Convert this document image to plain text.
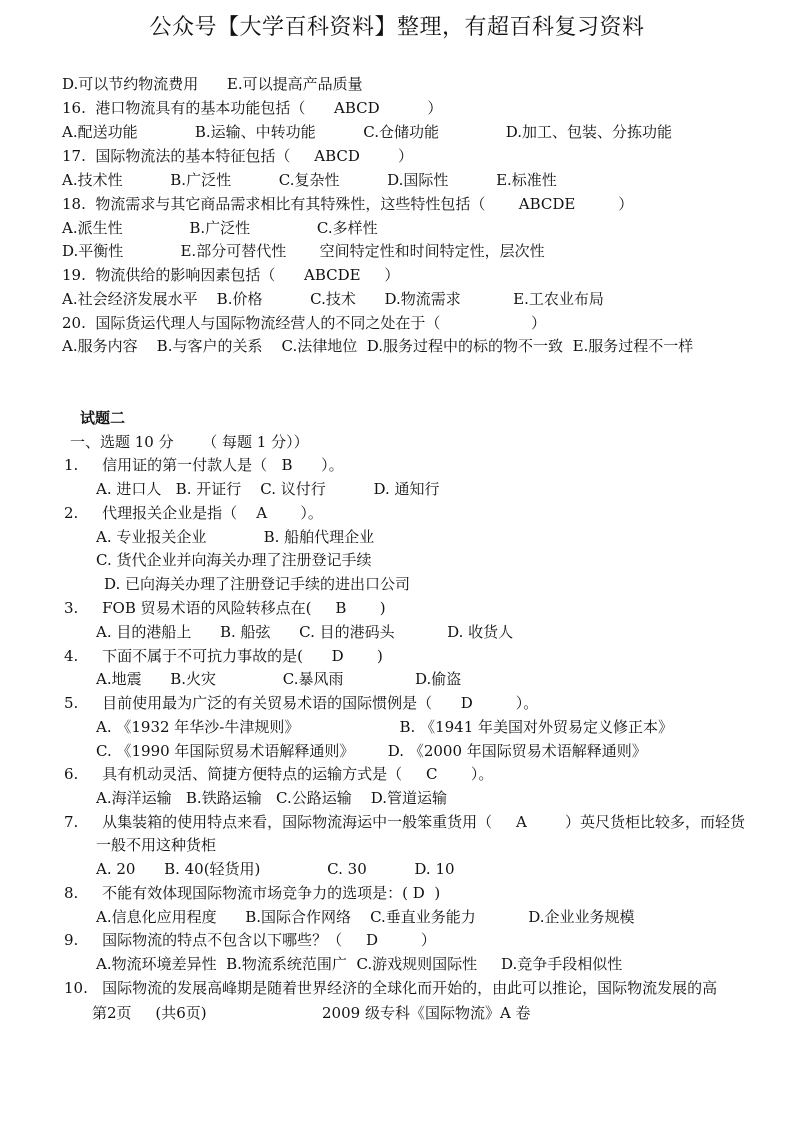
公众号【大学百科资料】整理，有超百科复习资料
D.可以节约物流费用      E.可以提高产品质量
16.  港口物流具有的基本功能包括（      ABCD          ）
A.配送功能            B.运输、中转功能          C.仓储功能              D.加工、包装、分拣功能
17.  国际物流法的基本特征包括（     ABCD        ）
A.技术性          B.广泛性          C.复杂性          D.国际性          E.标准性
18.  物流需求与其它商品需求相比有其特殊性，这些特性包括（       ABCDE         ）
A.派生性              B.广泛性              C.多样性
D.平衡性            E.部分可替代性       空间特定性和时间特定性，层次性
19.  物流供给的影响因素包括（      ABCDE     ）
A.社会经济发展水平    B.价格          C.技术      D.物流需求           E.工农业布局
20.  国际货运代理人与国际物流经营人的不同之处在于（                   ）
A.服务内容    B.与客户的关系    C.法律地位  D.服务过程中的标的物不一致  E.服务过程不一样
试题二
一、选题 10 分      （ 每题 1 分））
1.     信用证的第一付款人是（   B      ）。
A. 进口人   B. 开证行    C. 议付行          D. 通知行
2.     代理报关企业是指（    A       ）。
A. 专业报关企业            B. 船舶代理企业
C. 货代企业并向海关办理了注册登记手续
D. 已向海关办理了注册登记手续的进出口公司
3.     FOB 贸易术语的风险转移点在(     B       )
A. 目的港船上      B. 船弦      C. 目的港码头           D. 收货人
4.     下面不属于不可抗力事故的是(      D       )
A.地震      B.火灾              C.暴风雨               D.偷盗
5.     目前使用最为广泛的有关贸易术语的国际惯例是（      D         ）。
A. 《1932 年华沙-牛津规则》                     B. 《1941 年美国对外贸易定义修正本》
C. 《1990 年国际贸易术语解释通则》       D. 《2000 年国际贸易术语解释通则》
6.     具有机动灵活、简捷方便特点的运输方式是（     C       ）。
A.海洋运输   B.铁路运输   C.公路运输    D.管道运输
7.     从集装箱的使用特点来看，国际物流海运中一般笨重货用（     A        ）英尺货柜比较多，而轻货
一般不用这种货柜
A. 20      B. 40(轻货用)              C. 30          D. 10
8.     不能有效体现国际物流市场竞争力的选项是：( D  )
A.信息化应用程度      B.国际合作网络    C.垂直业务能力           D.企业业务规模
9.     国际物流的特点不包含以下哪些？（     D         ）
A.物流环境差异性  B.物流系统范围广  C.游戏规则国际性     D.竞争手段相似性
10.   国际物流的发展高峰期是随着世界经济的全球化而开始的，由此可以推论，国际物流发展的高
第2页     (共6页)	2009 级专科《国际物流》A 卷
